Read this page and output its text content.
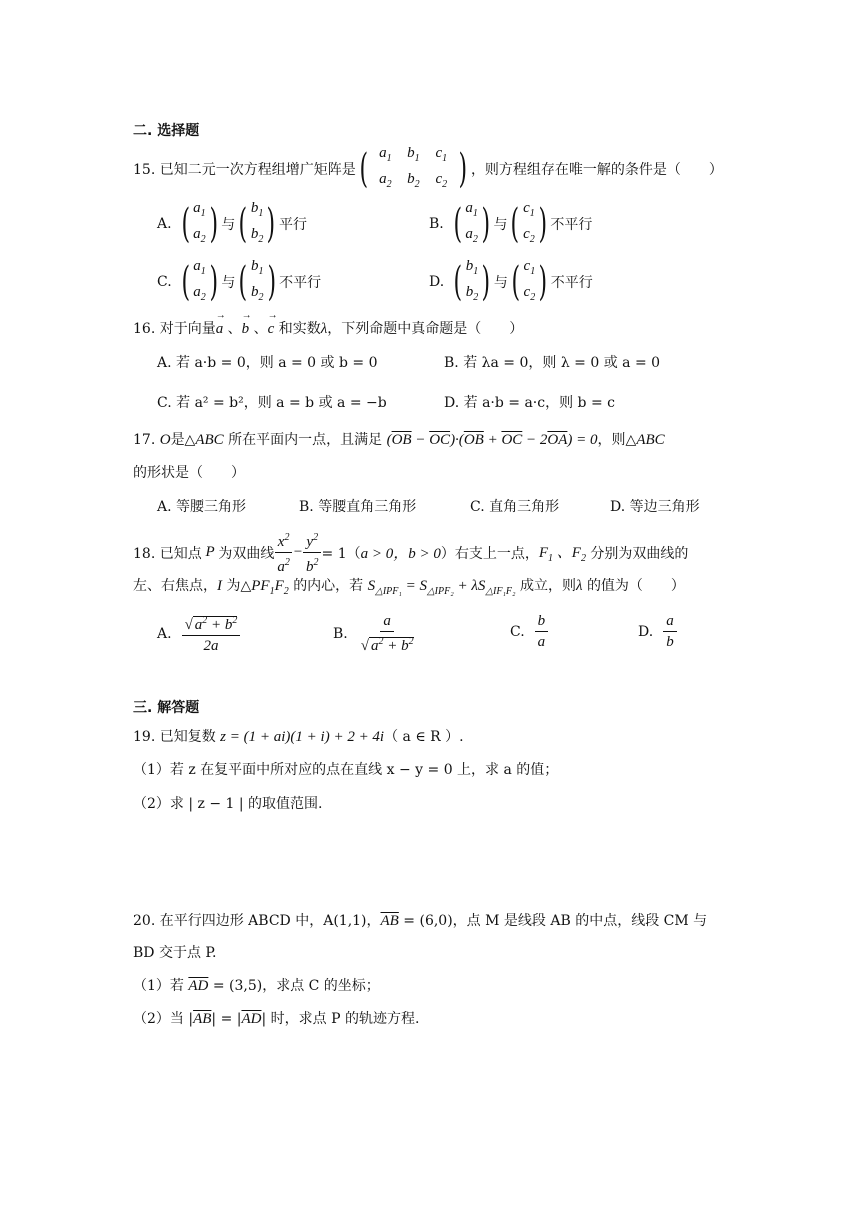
二. 选择题
15. 已知二元一次方程组增广矩阵是 ( $a_1$	$b_1$	$c_1$
$a_2$	$b_2$	$c_2$ ) ，则方程组存在唯一解的条件是（　　）
A. ( $a_1$
$a_2$ ) 与 ( $b_1$
$b_2$ ) 平行	B. ( $a_1$
$a_2$ ) 与 ( $c_1$
$c_2$ ) 不平行
C. ( $a_1$
$a_2$ ) 与 ( $b_1$
$b_2$ ) 不平行	D. ( $b_1$
$b_2$ ) 与 ( $c_1$
$c_2$ ) 不平行
16. 对于向量→ a 、→ b 、→ c 和实数λ，下列命题中真命题是（　　）
A. 若 a·b = 0，则 a = 0 或 b = 0	B. 若 λa = 0，则 λ = 0 或 a = 0
C. 若 a² = b²，则 a = b 或 a = −b	D. 若 a·b = a·c，则 b = c
17. O是△ABC 所在平面内一点，且满足 $(\overline{OB} - \overline{OC})\cdot(\overline{OB} + \overline{OC} - 2\overline{OA}) = 0$，则△ABC
的形状是（　　）
A. 等腰三角形	B. 等腰直角三角形	C. 直角三角形	D. 等边三角形
18. 已知点 P 为双曲线 $\frac{x^2}{a^2} - \frac{y^2}{b^2} = 1$（ a > 0，b > 0 ）右支上一点， $F_1$ 、$F_2$
分别为双曲线的
左、右焦点，I 为$\triangle PF_1F_2$ 的内心，若 $S_{\triangle IPF_1} = S_{\triangle IPF_2} + \lambda S_{\triangle IF_1F_2}$ 成立，则λ 的值为（　　）
A. $\frac{√ a^2 + b^2}{2a}$	B. $\frac{a}{√ a^2 + b^2}$	C. $\frac{b}{a}$	D. $\frac{a}{b}$
三. 解答题
19. 已知复数 z = (1 + ai)(1 + i) + 2 + 4i（ a ∈ R ）.
（1）若 z 在复平面中所对应的点在直线 x − y = 0 上，求 a 的值；
（2）求 | z − 1 | 的取值范围.
20. 在平行四边形 ABCD 中，A(1,1)，$\overline{AB} = (6,0)$，点 M 是线段 AB 的中点，线段 CM 与
BD 交于点 P.
（1）若 $\overline{AD} = (3,5)$，求点 C 的坐标；
（2）当 $|\overline{AB}| = |\overline{AD}|$ 时，求点 P 的轨迹方程.
